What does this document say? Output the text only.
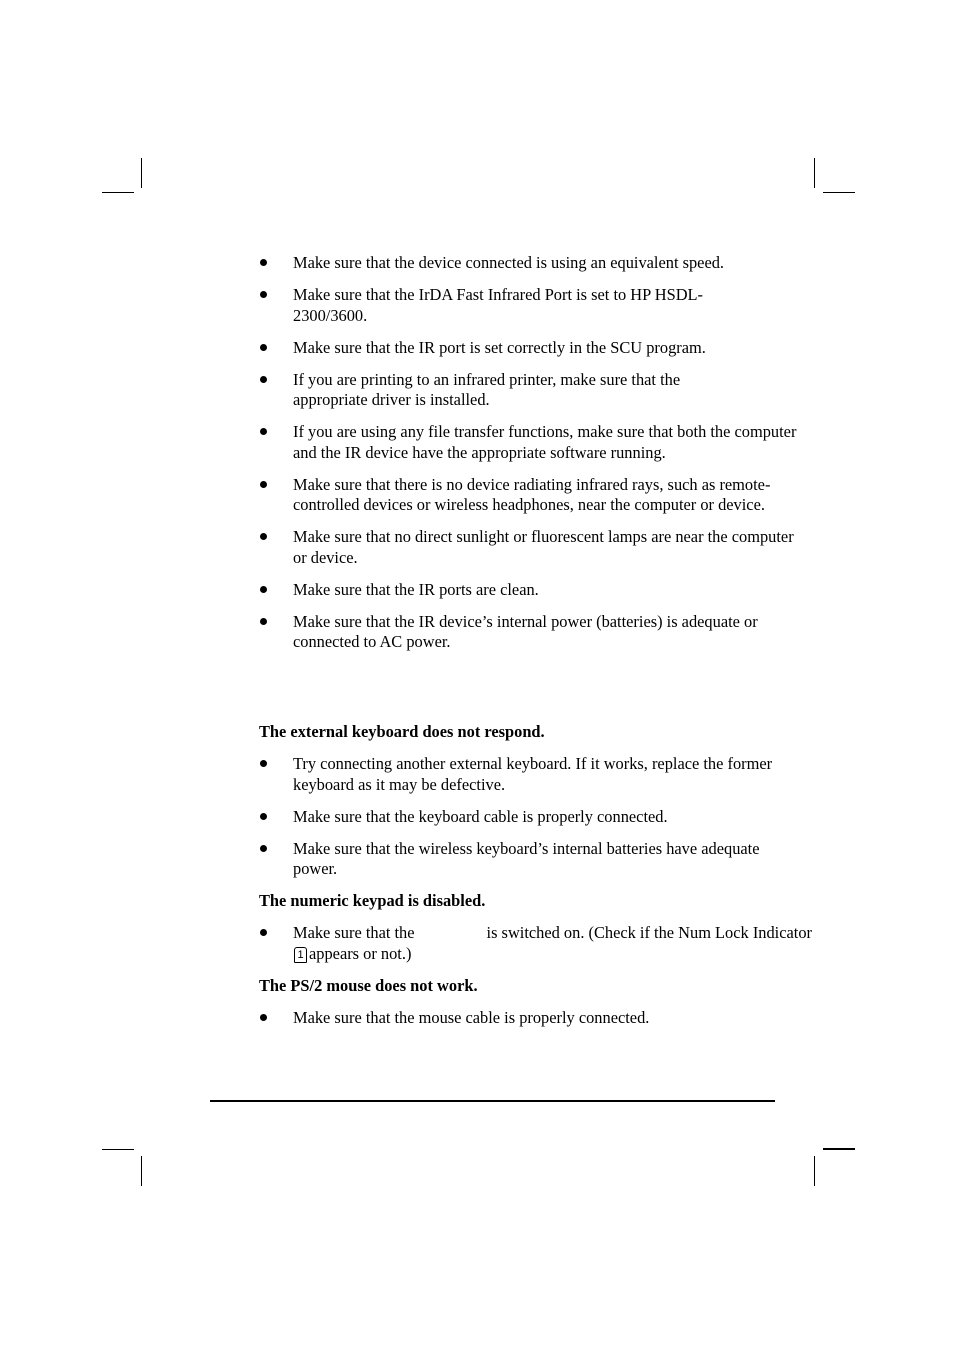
Make sure that the device connected is using an equivalent speed.
Make sure that the IrDA Fast Infrared Port is set to HP HSDL-2300/3600.
Make sure that the IR port is set correctly in the SCU program.
If you are printing to an infrared printer, make sure that the appropriate driver is installed.
If you are using any file transfer functions, make sure that both the computer and the IR device have the appropriate software running.
Make sure that there is no device radiating infrared rays, such as remote-controlled devices or wireless headphones, near the computer or device.
Make sure that no direct sunlight or fluorescent lamps are near the computer or device.
Make sure that the IR ports are clean.
Make sure that the IR device’s internal power (batteries) is adequate or connected to AC power.

The external keyboard does not respond.

Try connecting another external keyboard. If it works, replace the former keyboard as it may be defective.
Make sure that the keyboard cable is properly connected.
Make sure that the wireless keyboard’s internal batteries have adequate power.

The numeric keypad is disabled.

Make sure that the	is switched on. (Check if the Num Lock Indicator 1 appears or not.)

The PS/2 mouse does not work.

Make sure that the mouse cable is properly connected.
